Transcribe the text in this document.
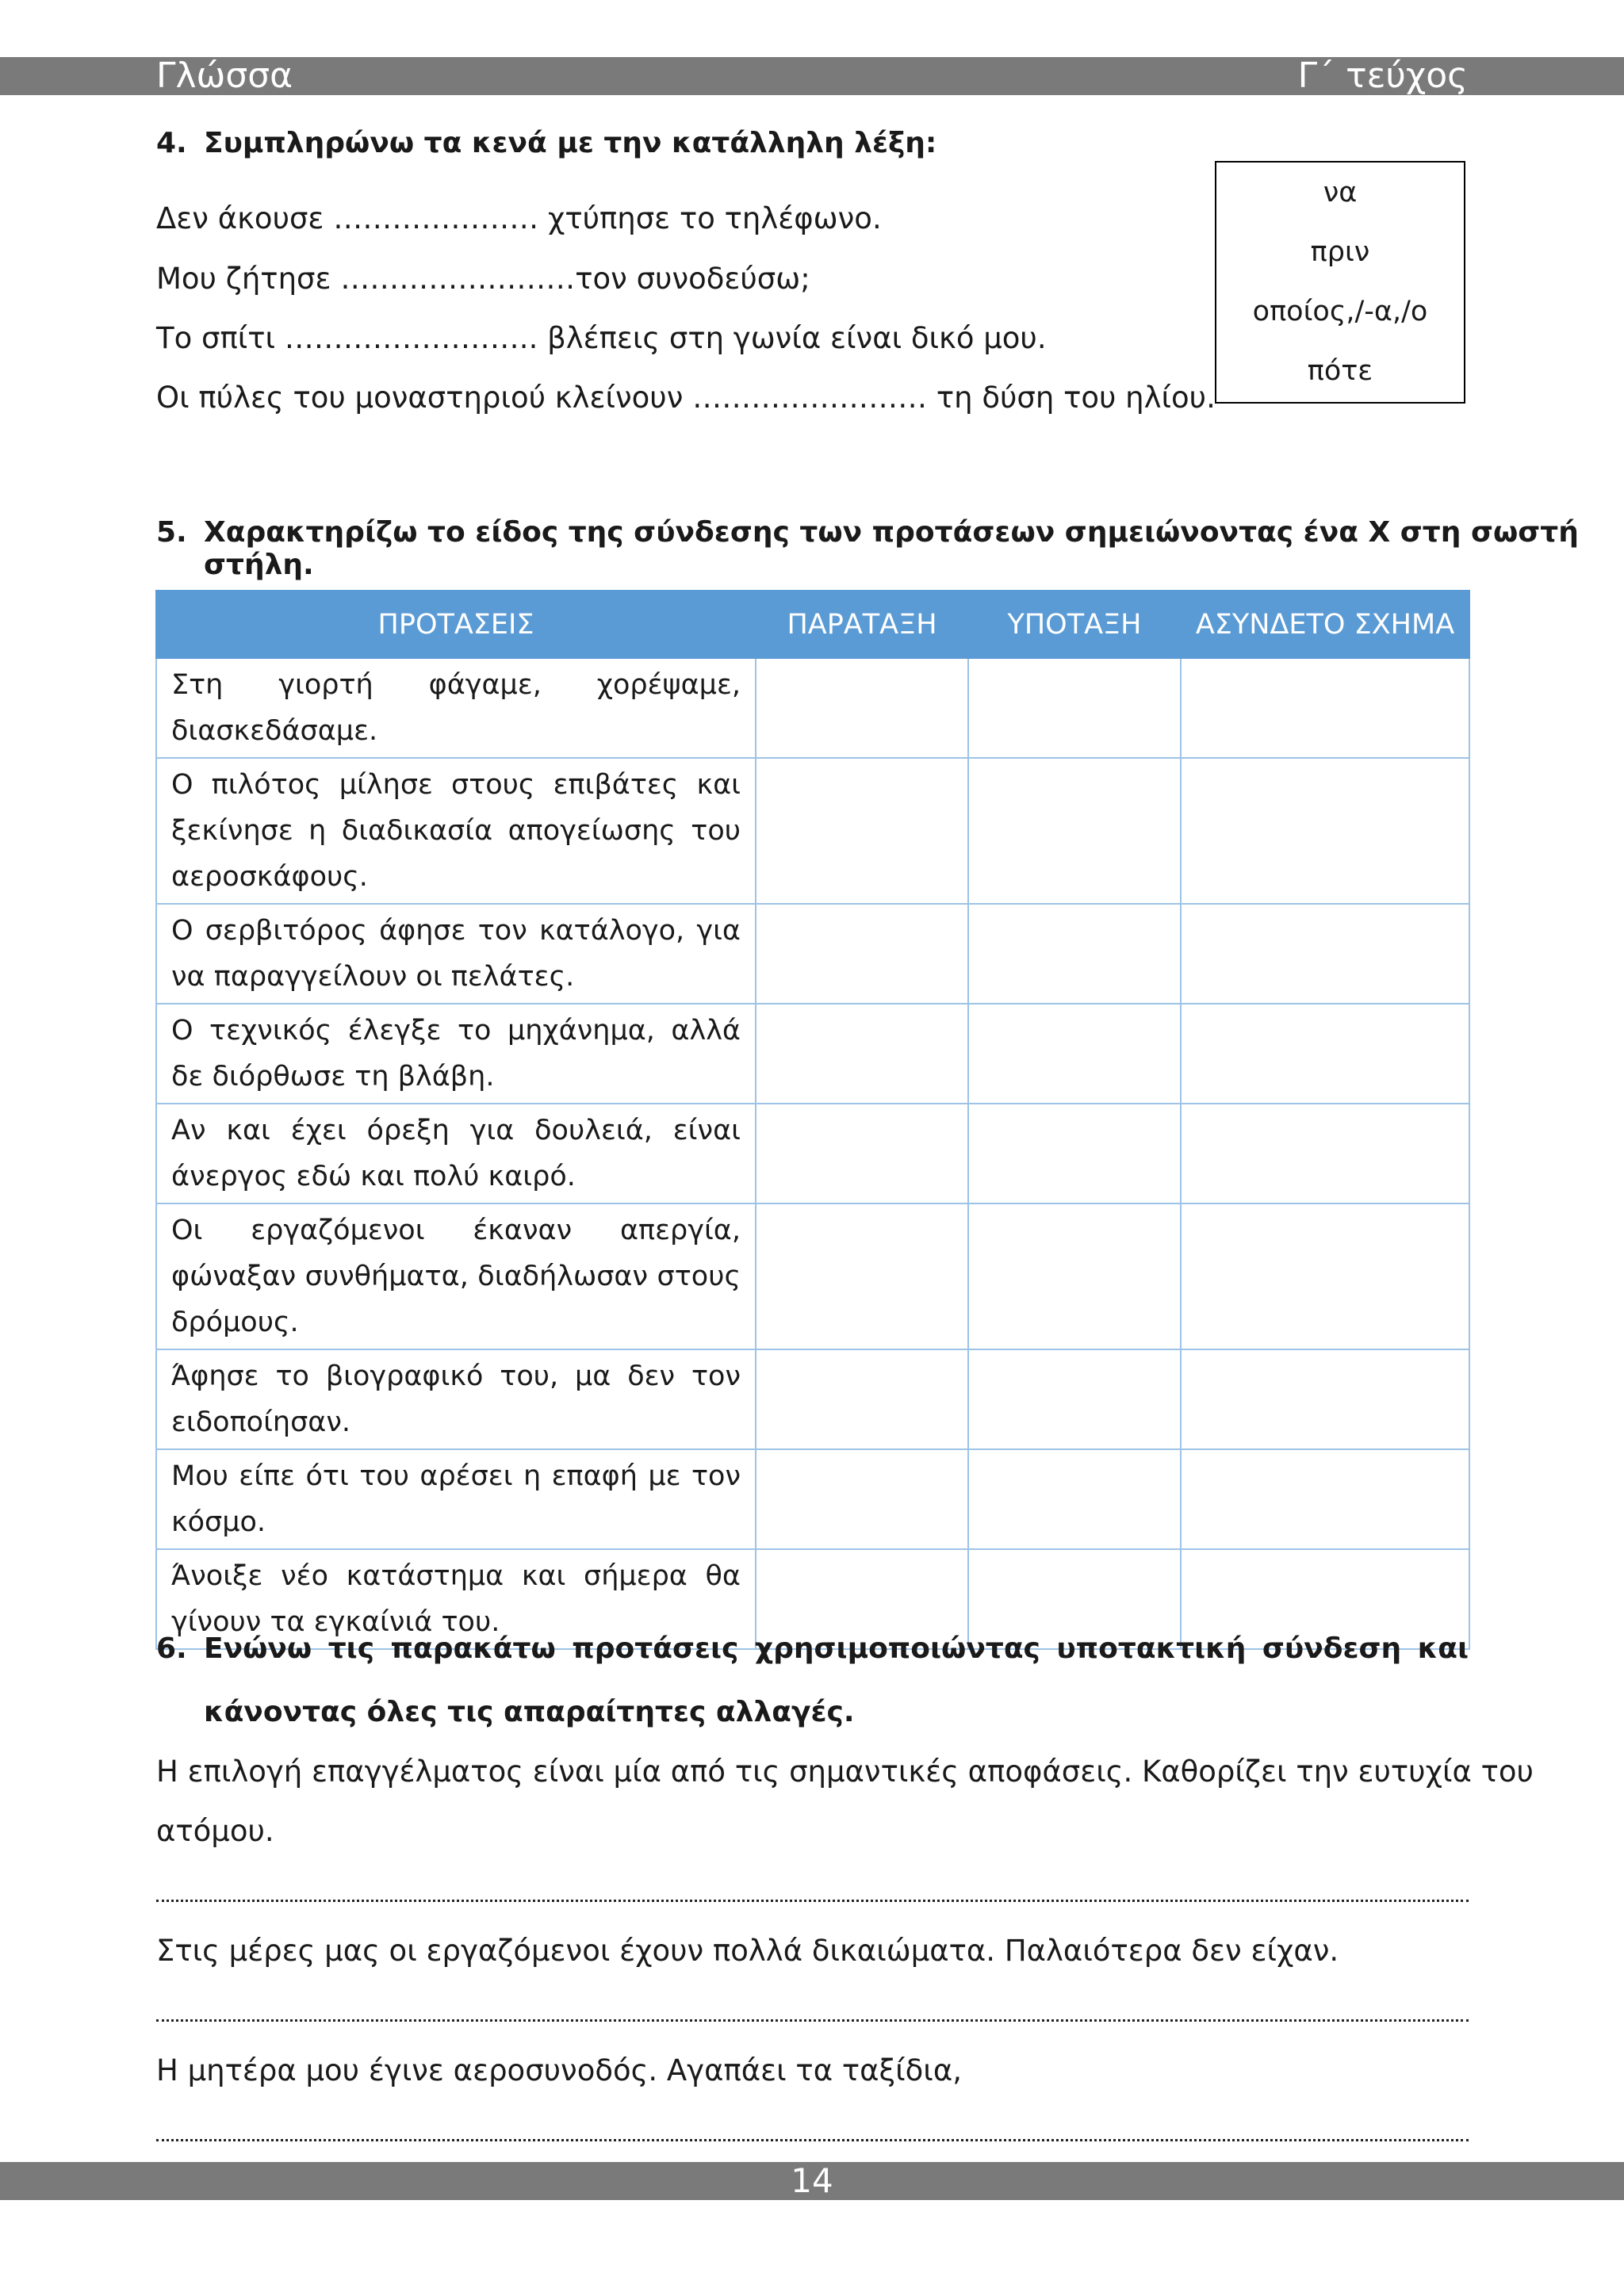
Γλώσσα	Γ΄ τεύχος
4. Συμπληρώνω τα κενά με την κατάλληλη λέξη:
Δεν άκουσε ………………… χτύπησε το τηλέφωνο.
Μου ζήτησε ……………………τον συνοδεύσω;
Το σπίτι …………………….. βλέπεις στη γωνία είναι δικό μου.
Οι πύλες του μοναστηριού κλείνουν …………………… τη δύση του ηλίου.
να
πριν
οποίος,/-α,/ο
πότε
5. Χαρακτηρίζω το είδος της σύνδεσης των προτάσεων σημειώνοντας ένα Χ στη σωστή στήλη.
ΠΡΟΤΑΣΕΙΣ	ΠΑΡΑΤΑΞΗ	ΥΠΟΤΑΞΗ	ΑΣΥΝΔΕΤΟ ΣΧΗΜΑ
Στη γιορτή φάγαμε, χορέψαμε, διασκεδάσαμε.			
Ο πιλότος μίλησε στους επιβάτες και ξεκίνησε η διαδικασία απογείωσης του αεροσκάφους.			
Ο σερβιτόρος άφησε τον κατάλογο, για να παραγγείλουν οι πελάτες.			
Ο τεχνικός έλεγξε το μηχάνημα, αλλά δε διόρθωσε τη βλάβη.			
Αν και έχει όρεξη για δουλειά, είναι άνεργος εδώ και πολύ καιρό.			
Οι εργαζόμενοι έκαναν απεργία, φώναξαν συνθήματα, διαδήλωσαν στους δρόμους.			
Άφησε το βιογραφικό του, μα δεν τον ειδοποίησαν.			
Μου είπε ότι του αρέσει η επαφή με τον κόσμο.			
Άνοιξε νέο κατάστημα και σήμερα θα γίνουν τα εγκαίνιά του.			
6. Ενώνω τις παρακάτω προτάσεις χρησιμοποιώντας υποτακτική σύνδεση και κάνοντας όλες τις απαραίτητες αλλαγές.
Η επιλογή επαγγέλματος είναι μία από τις σημαντικές αποφάσεις. Καθορίζει την ευτυχία του
ατόμου.
Στις μέρες μας οι εργαζόμενοι έχουν πολλά δικαιώματα. Παλαιότερα δεν είχαν.
Η μητέρα μου έγινε αεροσυνοδός. Αγαπάει τα ταξίδια,
14
